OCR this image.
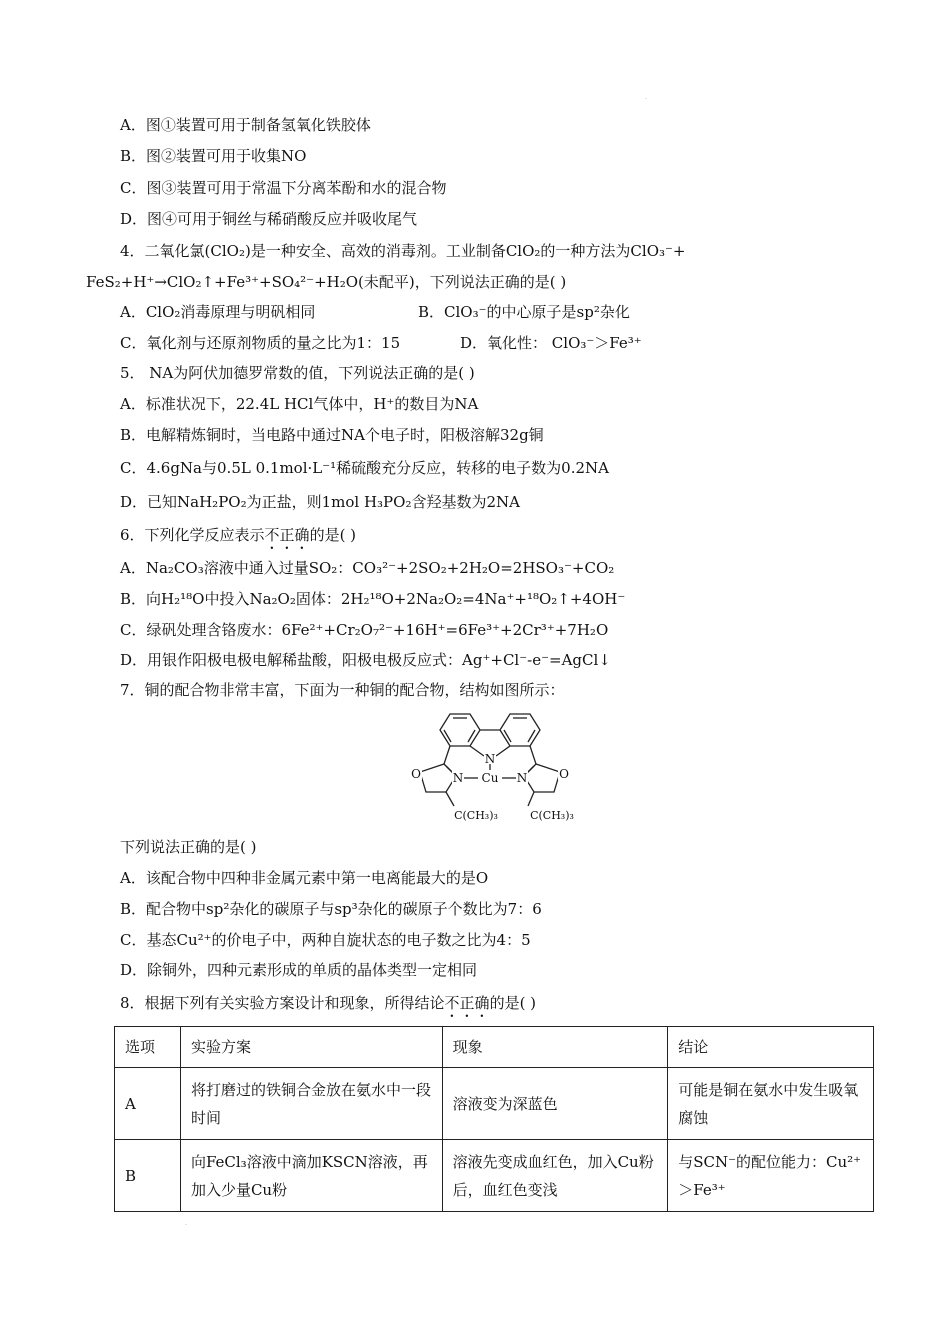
·
A．图①装置可用于制备氢氧化铁胶体
B．图②装置可用于收集NO
C．图③装置可用于常温下分离苯酚和水的混合物
D．图④可用于铜丝与稀硝酸反应并吸收尾气
4．二氧化氯(ClO₂)是一种安全、高效的消毒剂。工业制备ClO₂的一种方法为ClO₃⁻+
FeS₂+H⁺→ClO₂↑+Fe³⁺+SO₄²⁻+H₂O(未配平)，下列说法正确的是( )
A．ClO₂消毒原理与明矾相同	B．ClO₃⁻的中心原子是sp²杂化
C．氧化剂与还原剂物质的量之比为1：15	D．氧化性： ClO₃⁻＞Fe³⁺
5． NA为阿伏加德罗常数的值，下列说法正确的是( )
A．标准状况下，22.4L HCl气体中，H⁺的数目为NA
B．电解精炼铜时，当电路中通过NA个电子时，阳极溶解32g铜
C．4.6gNa与0.5L 0.1mol·L⁻¹稀硫酸充分反应，转移的电子数为0.2NA
D．已知NaH₂PO₂为正盐，则1mol H₃PO₂含羟基数为2NA
6．下列化学反应表示不正确的是( )
A．Na₂CO₃溶液中通入过量SO₂：CO₃²⁻+2SO₂+2H₂O=2HSO₃⁻+CO₂
B．向H₂¹⁸O中投入Na₂O₂固体：2H₂¹⁸O+2Na₂O₂=4Na⁺+¹⁸O₂↑+4OH⁻
C．绿矾处理含铬废水：6Fe²⁺+Cr₂O₇²⁻+16H⁺=6Fe³⁺+2Cr³⁺+7H₂O
D．用银作阳极电极电解稀盐酸，阳极电极反应式：Ag⁺+Cl⁻-e⁻=AgCl↓
7．铜的配合物非常丰富，下面为一种铜的配合物，结构如图所示：
N
Cu
N	N
O	O
C(CH₃)₃	C(CH₃)₃
下列说法正确的是( )
A．该配合物中四种非金属元素中第一电离能最大的是O
B．配合物中sp²杂化的碳原子与sp³杂化的碳原子个数比为7：6
C．基态Cu²⁺的价电子中，两种自旋状态的电子数之比为4：5
D．除铜外，四种元素形成的单质的晶体类型一定相同
8．根据下列有关实验方案设计和现象，所得结论不正确的是( )
选项	实验方案	现象	结论
A	将打磨过的铁铜合金放在氨水中一段时间	溶液变为深蓝色	可能是铜在氨水中发生吸氧腐蚀
B	向FeCl₃溶液中滴加KSCN溶液，再加入少量Cu粉	溶液先变成血红色，加入Cu粉后，血红色变浅	与SCN⁻的配位能力：Cu²⁺＞Fe³⁺
·
